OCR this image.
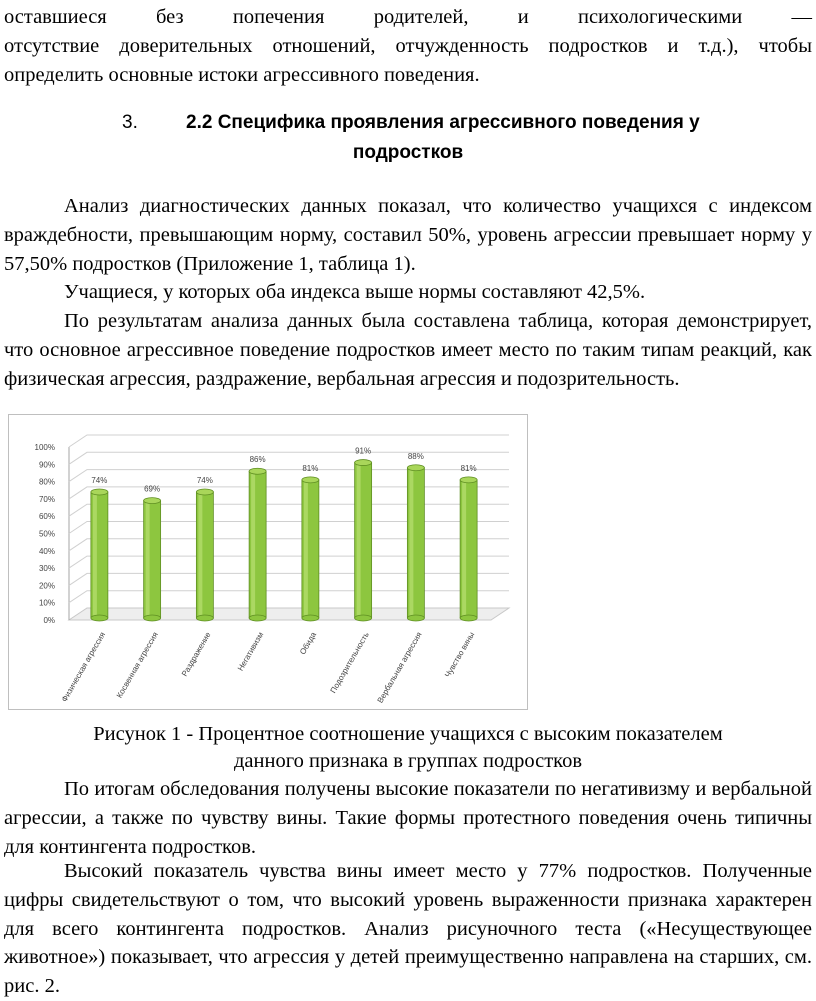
оставшиеся без попечения родителей, и психологическими —

отсутствие доверительных отношений, отчужденность подростков и т.д.), чтобы определить основные истоки агрессивного поведения.

3.	2.2 Специфика проявления агрессивного поведения у
подростков

Анализ диагностических данных показал, что количество учащихся с индексом враждебности, превышающим норму, составил 50%, уровень агрессии превышает норму у 57,50% подростков (Приложение 1, таблица 1).

Учащиеся, у которых оба индекса выше нормы составляют 42,5%.

По результатам анализа данных была составлена таблица, которая демонстрирует, что основное агрессивное поведение подростков имеет место по таким типам реакций, как физическая агрессия, раздражение, вербальная агрессия и подозрительность.

0%
10%
20%
30%
40%
50%
60%
70%
80%
90%
100%
74%
Физическая агрессия
69%
Косвенная агрессия
74%
Раздражение
86%
Негативизм
81%
Обида
91%
Подозрительность
88%
Вербальная агрессия
81%
Чувство вины
Рисунок 1 - Процентное соотношение учащихся с высоким показателем
данного признака в группах подростков

По итогам обследования получены высокие показатели по негативизму и вербальной агрессии, а также по чувству вины. Такие формы протестного поведения очень типичны для контингента подростков.

Высокий показатель чувства вины имеет место у 77% подростков. Полученные цифры свидетельствуют о том, что высокий уровень выраженности признака характерен для всего контингента подростков. Анализ рисуночного теста («Несуществующее животное») показывает, что агрессия у детей преимущественно направлена на старших, см. рис. 2.
